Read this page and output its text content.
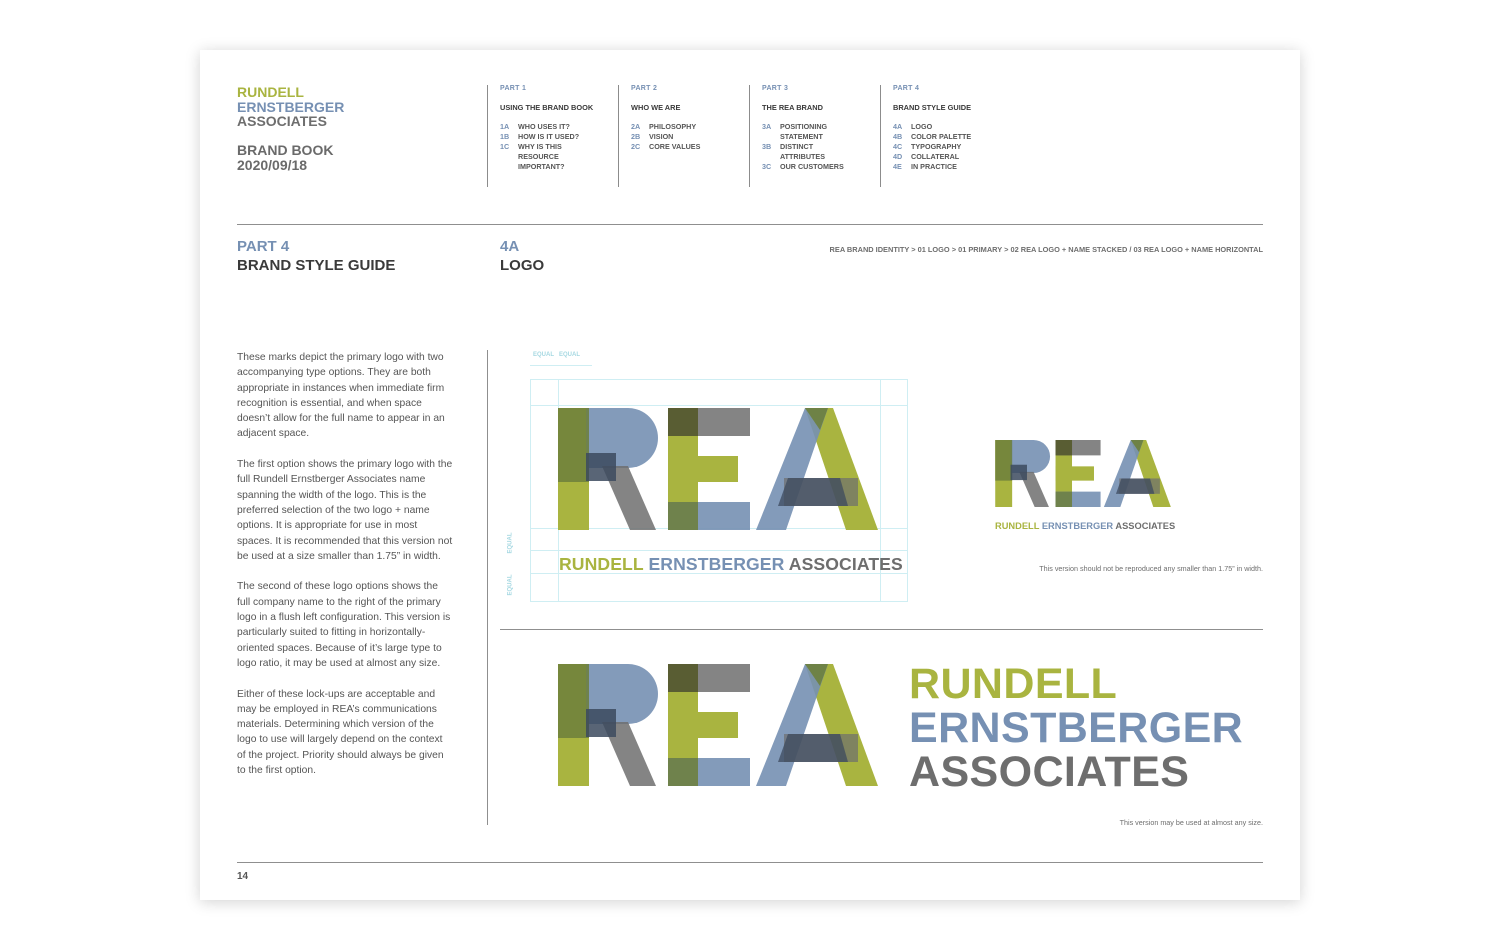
RUNDELL
ERNSTBERGER
ASSOCIATES
BRAND BOOK
2020/09/18
PART 1
USING THE BRAND BOOK
1A	WHO USES IT?
1B	HOW IS IT USED?
1C	WHY IS THIS RESOURCE IMPORTANT?
PART 2
WHO WE ARE
2A	PHILOSOPHY
2B	VISION
2C	CORE VALUES
PART 3
THE REA BRAND
3A	POSITIONING STATEMENT
3B	DISTINCT ATTRIBUTES
3C	OUR CUSTOMERS
PART 4
BRAND STYLE GUIDE
4A	LOGO
4B	COLOR PALETTE
4C	TYPOGRAPHY
4D	COLLATERAL
4E	IN PRACTICE
PART 4
BRAND STYLE GUIDE
4A
LOGO
REA BRAND IDENTITY > 01 LOGO > 01 PRIMARY > 02 REA LOGO + NAME STACKED / 03 REA LOGO + NAME HORIZONTAL

These marks depict the primary logo with two accompanying type options. They are both appropriate in instances when immediate firm recognition is essential, and when space doesn’t allow for the full name to appear in an adjacent space.

The first option shows the primary logo with the full Rundell Ernstberger Associates name spanning the width of the logo. This is the preferred selection of the two logo + name options. It is appropriate for use in most spaces. It is recommended that this version not be used at a size smaller than 1.75” in width.

The second of these logo options shows the full company name to the right of the primary logo in a flush left configuration. This version is particularly suited to fitting in horizontally-oriented spaces. Because of it’s large type to logo ratio, it may be used at almost any size.

Either of these lock-ups are acceptable and may be employed in REA’s communications materials. Determining which version of the logo to use will largely depend on the context of the project. Priority should always be given to the first option.

EQUAL EQUAL
EQUAL
EQUAL
RUNDELL ERNSTBERGER ASSOCIATES
RUNDELL ERNSTBERGER ASSOCIATES
This version should not be reproduced any smaller than 1.75” in width.
RUNDELL
ERNSTBERGER
ASSOCIATES
This version may be used at almost any size.
14
